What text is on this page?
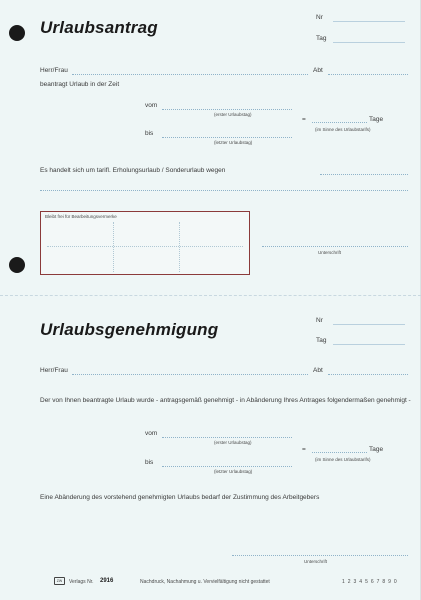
Urlaubsantrag
Nr
Tag
Herr/Frau	Abt
beantragt Urlaub in der Zeit
vom
(erster Urlaubstag)
=	Tage
(im Sinne des Urlaubstarifs)
bis
(letzter Urlaubstag)
Es handelt sich um tarifl. Erholungsurlaub / Sonderurlaub wegen
Bleibt frei für Bearbeitungsvermerke
Unterschrift
Urlaubsgenehmigung	Nr
Tag
Herr/Frau	Abt
Der von Ihnen beantragte Urlaub wurde - antragsgemäß genehmigt - in Abänderung Ihres Antrages folgendermaßen genehmigt -
vom
(erster Urlaubstag)
=	Tage
(im Sinne des Urlaubstarifs)
bis
(letzter Urlaubstag)
Eine Abänderung des vorstehend genehmigten Urlaubs bedarf der Zustimmung des Arbeitgebers
Unterschrift
ZW	Verlags Nr. 2916	Nachdruck, Nachahmung u. Vervielfältigung nicht gestattet	1 2 3 4 5 6 7 8 9 0
